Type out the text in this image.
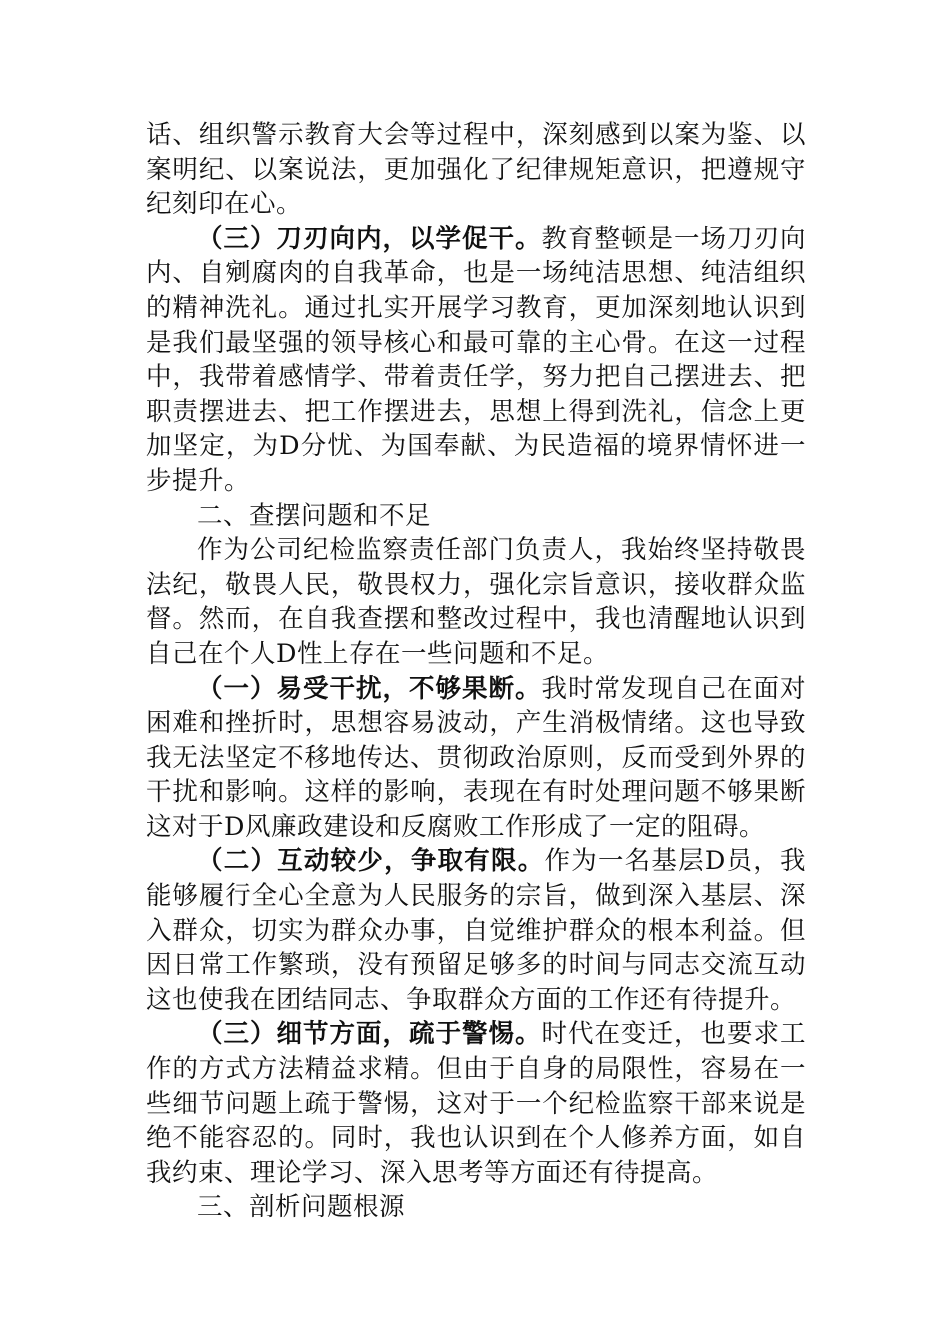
话、组织警示教育大会等过程中，深刻感到以案为鉴、以案明纪、以案说法，更加强化了纪律规矩意识，把遵规守纪刻印在心。

（三）刀刃向内，以学促干。教育整顿是一场刀刃向内、自剜腐肉的自我革命，也是一场纯洁思想、纯洁组织的精神洗礼。通过扎实开展学习教育，更加深刻地认识到是我们最坚强的领导核心和最可靠的主心骨。在这一过程中，我带着感情学、带着责任学，努力把自己摆进去、把职责摆进去、把工作摆进去，思想上得到洗礼，信念上更加坚定，为D分忧、为国奉献、为民造福的境界情怀进一步提升。

二、查摆问题和不足

作为公司纪检监察责任部门负责人，我始终坚持敬畏法纪，敬畏人民，敬畏权力，强化宗旨意识，接收群众监督。然而，在自我查摆和整改过程中，我也清醒地认识到自己在个人D性上存在一些问题和不足。

（一）易受干扰，不够果断。我时常发现自己在面对困难和挫折时，思想容易波动，产生消极情绪。这也导致我无法坚定不移地传达、贯彻政治原则，反而受到外界的干扰和影响。这样的影响，表现在有时处理问题不够果断这对于D风廉政建设和反腐败工作形成了一定的阻碍。

（二）互动较少，争取有限。作为一名基层D员，我能够履行全心全意为人民服务的宗旨，做到深入基层、深入群众，切实为群众办事，自觉维护群众的根本利益。但因日常工作繁琐，没有预留足够多的时间与同志交流互动这也使我在团结同志、争取群众方面的工作还有待提升。

（三）细节方面，疏于警惕。时代在变迁，也要求工作的方式方法精益求精。但由于自身的局限性，容易在一些细节问题上疏于警惕，这对于一个纪检监察干部来说是绝不能容忍的。同时，我也认识到在个人修养方面，如自我约束、理论学习、深入思考等方面还有待提高。

三、剖析问题根源
